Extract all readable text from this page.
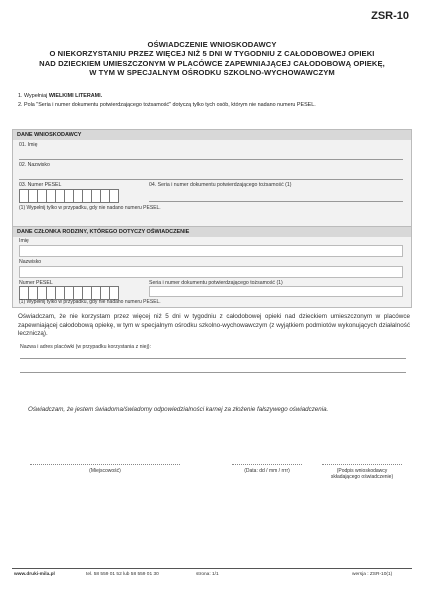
ZSR-10
OŚWIADCZENIE WNIOSKODAWCY
O NIEKORZYSTANIU PRZEZ WIĘCEJ NIŻ 5 DNI W TYGODNIU Z CAŁODOBOWEJ OPIEKI
NAD DZIECKIEM UMIESZCZONYM W PLACÓWCE ZAPEWNIAJĄCEJ CAŁODOBOWĄ OPIEKĘ,
W TYM W SPECJALNYM OŚRODKU SZKOLNO-WYCHOWAWCZYM
1. Wypełniaj WIELKIMI LITERAMI.
2. Pola "Seria i numer dokumentu potwierdzającego tożsamość" dotyczą tylko tych osób, którym nie nadano numeru PESEL.
DANE WNIOSKODAWCY
01. Imię
02. Nazwisko
03. Numer PESEL	04. Seria i numer dokumentu potwierdzającego tożsamość (1)
(1) Wypełnij tylko w przypadku, gdy nie nadano numeru PESEL.
DANE CZŁONKA RODZINY, KTÓREGO DOTYCZY OŚWIADCZENIE
Imię
Nazwisko
Numer PESEL	Seria i numer dokumentu potwierdzającego tożsamość (1)
(1) Wypełnij tylko w przypadku, gdy nie nadano numeru PESEL.
Oświadczam, że nie korzystam przez więcej niż 5 dni w tygodniu z całodobowej opieki nad dzieckiem umieszczonym w placówce zapewniającej całodobową opiekę, w tym w specjalnym ośrodku szkolno-wychowawczym (z wyjątkiem podmiotów wykonujących działalność leczniczą).
Nazwa i adres placówki (w przypadku korzystania z niej):
Oświadczam, że jestem świadoma/świadomy odpowiedzialności karnej za złożenie fałszywego oświadczenia.
(Miejscowość)	(Data: dd / mm / rrrr)	(Podpis wnioskodawcy
składającego oświadczenie)
www.druki-mila.pl	tel. 58 559 01 52 lub 58 559 01 30	strona: 1/1	wersja : ZSR-10(1)
